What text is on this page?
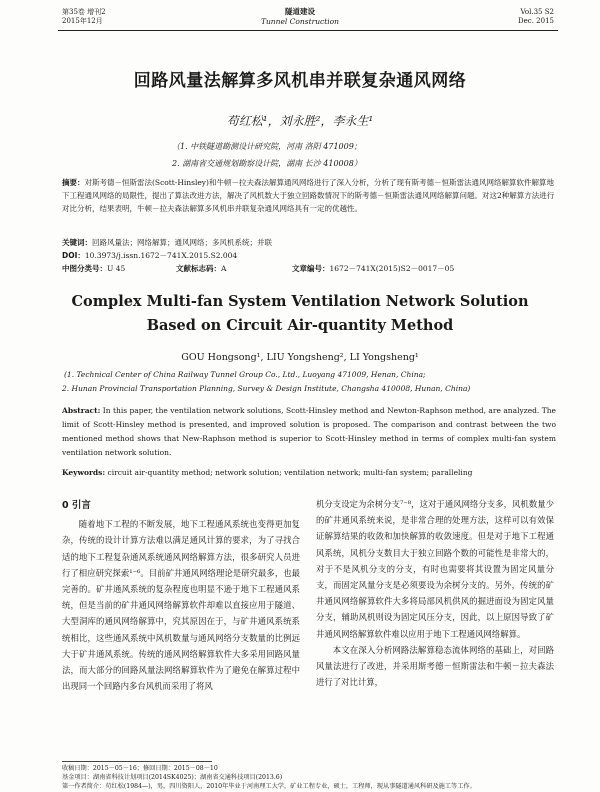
第35卷 增刊2
2015年12月
隧道建设
Tunnel Construction
Vol.35 S2
Dec. 2015
回路风量法解算多风机串并联复杂通风网络
苟红松¹，刘永胜²，李永生¹
（1. 中铁隧道勘测设计研究院，河南 洛阳 471009；
2. 湖南省交通规划勘察设计院，湖南 长沙 410008）
摘要：对斯考德－恒斯雷法(Scott-Hinsley)和牛顿－拉夫森法解算通风网络进行了深入分析，分析了现有斯考德－恒斯雷法通风网络解算软件解算地下工程通风网络的局限性，提出了算法改进方法，解决了风机数大于独立回路数情况下的斯考德－恒斯雷法通风网络解算问题。对这2种解算方法进行对比分析，结果表明，牛顿－拉夫森法解算多风机串并联复杂通风网络具有一定的优越性。
关键词：回路风量法；网络解算；通风网络；多风机系统；并联
DOI：10.3973/j.issn.1672－741X.2015.S2.004
中图分类号：U 45	文献标志码：A	文章编号：1672－741X(2015)S2－0017－05
Complex Multi-fan System Ventilation Network Solution
Based on Circuit Air-quantity Method
GOU Hongsong¹, LIU Yongsheng², LI Yongsheng¹
(1. Technical Center of China Railway Tunnel Group Co., Ltd., Luoyang 471009, Henan, China;
2. Hunan Provincial Transportation Planning, Survey & Design Institute, Changsha 410008, Hunan, China)
Abstract: In this paper, the ventilation network solutions, Scott-Hinsley method and Newton-Raphson method, are analyzed. The limit of Scott-Hinsley method is presented, and improved solution is proposed. The comparison and contrast between the two mentioned method shows that New-Raphson method is superior to Scott-Hinsley method in terms of complex multi-fan system ventilation network solution.
Keywords: circuit air-quantity method; network solution; ventilation network; multi-fan system; paralleling
0 引言
随着地下工程的不断发展，地下工程通风系统也变得更加复杂，传统的设计计算方法难以满足通风计算的要求，为了寻找合适的地下工程复杂通风系统通风网络解算方法，很多研究人员进行了相应研究探索¹⁻⁶。目前矿井通风网络理论是研究最多，也最完善的。矿井通风系统的复杂程度也明显不逊于地下工程通风系统，但是当前的矿井通风网络解算软件却难以直接应用于隧道、大型洞库的通风网络解算中，究其原因在于，与矿井通风系统系统相比，这些通风系统中风机数量与通风网络分支数量的比例远大于矿井通风系统。传统的通风网络解算软件大多采用回路风量法，而大部分的回路风量法网络解算软件为了避免在解算过程中出现同一个回路内多台风机而采用了将风
机分支设定为余树分支⁷⁻⁸，这对于通风网络分支多，风机数量少的矿井通风系统来说，是非常合理的处理方法，这样可以有效保证解算结果的收敛和加快解算的收敛速度。但是对于地下工程通风系统，风机分支数目大于独立回路个数的可能性是非常大的，对于不是风机分支的分支，有时也需要将其设置为固定风量分支，而固定风量分支是必须要设为余树分支的。另外，传统的矿井通风网络解算软件大多将局部风机供风的掘进面设为固定风量分支，辅助风机则设为固定风压分支，因此，以上原因导致了矿井通风网络解算软件难以应用于地下工程通风网络解算。
本文在深入分析网路法解算稳态流体网络的基础上，对回路风量法进行了改进，并采用斯考德－恒斯雷法和牛顿－拉夫森法进行了对比计算，
收稿日期：2015－05－16；修回日期：2015－08－10
基金项目：湖南省科技计划项目(2014SK4025)；湖南省交通科技项目(2013.6)
第一作者简介：苟红松(1984—)，男，四川资阳人，2010年毕业于河南理工大学，矿业工程专业，硕士，工程师，现从事隧道通风科研及施工等工作。
